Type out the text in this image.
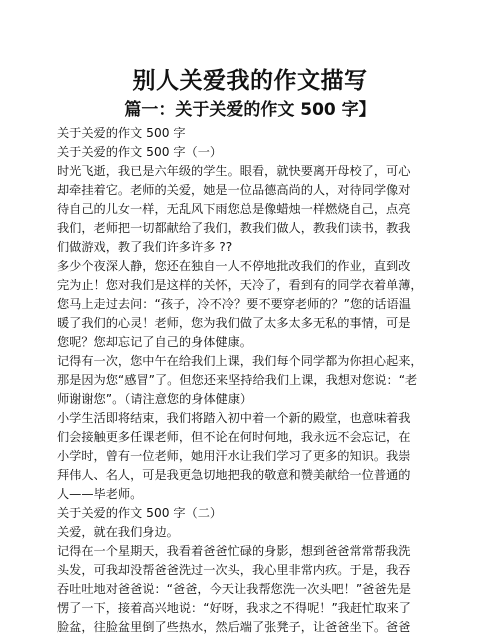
别人关爱我的作文描写
篇一：关于关爱的作文 500 字】
关于关爱的作文 500 字
关于关爱的作文 500 字（一）
时光飞逝，我已是六年级的学生。眼看，就快要离开母校了，可心
却牵挂着它。老师的关爱，她是一位品德高尚的人，对待同学像对
待自己的儿女一样，无乱风下雨您总是像蜡烛一样燃烧自己，点亮
我们，老师把一切都献给了我们，教我们做人，教我们读书，教我
们做游戏，教了我们许多许多 ??
多少个夜深人静，您还在独自一人不停地批改我们的作业，直到改
完为止！您对我们是这样的关怀，天冷了，看到有的同学衣着单薄，
您马上走过去问：“孩子，冷不冷？要不要穿老师的？”您的话语温
暖了我们的心灵！老师，您为我们做了太多太多无私的事情，可是
您呢？您却忘记了自己的身体健康。
记得有一次，您中午在给我们上课，我们每个同学都为你担心起来，
那是因为您“感冒”了。但您还来坚持给我们上课，我想对您说：“老
师谢谢您”。（请注意您的身体健康）
小学生活即将结束，我们将踏入初中着一个新的殿堂，也意味着我
们会接触更多任课老师，但不论在何时何地，我永远不会忘记，在
小学时，曾有一位老师，她用汗水让我们学习了更多的知识。我崇
拜伟人、名人，可是我更急切地把我的敬意和赞美献给一位普通的
人——毕老师。
关于关爱的作文 500 字（二）
关爱，就在我们身边。
记得在一个星期天，我看着爸爸忙碌的身影，想到爸爸常常帮我洗
头发，可我却没帮爸爸洗过一次头，我心里非常内疚。于是，我吞
吞吐吐地对爸爸说：“爸爸，今天让我帮您洗一次头吧！”爸爸先是
愣了一下，接着高兴地说：“好呀，我求之不得呢！”我赶忙取来了
脸盆，往脸盆里倒了些热水，然后端了张凳子，让爸爸坐下。爸爸
